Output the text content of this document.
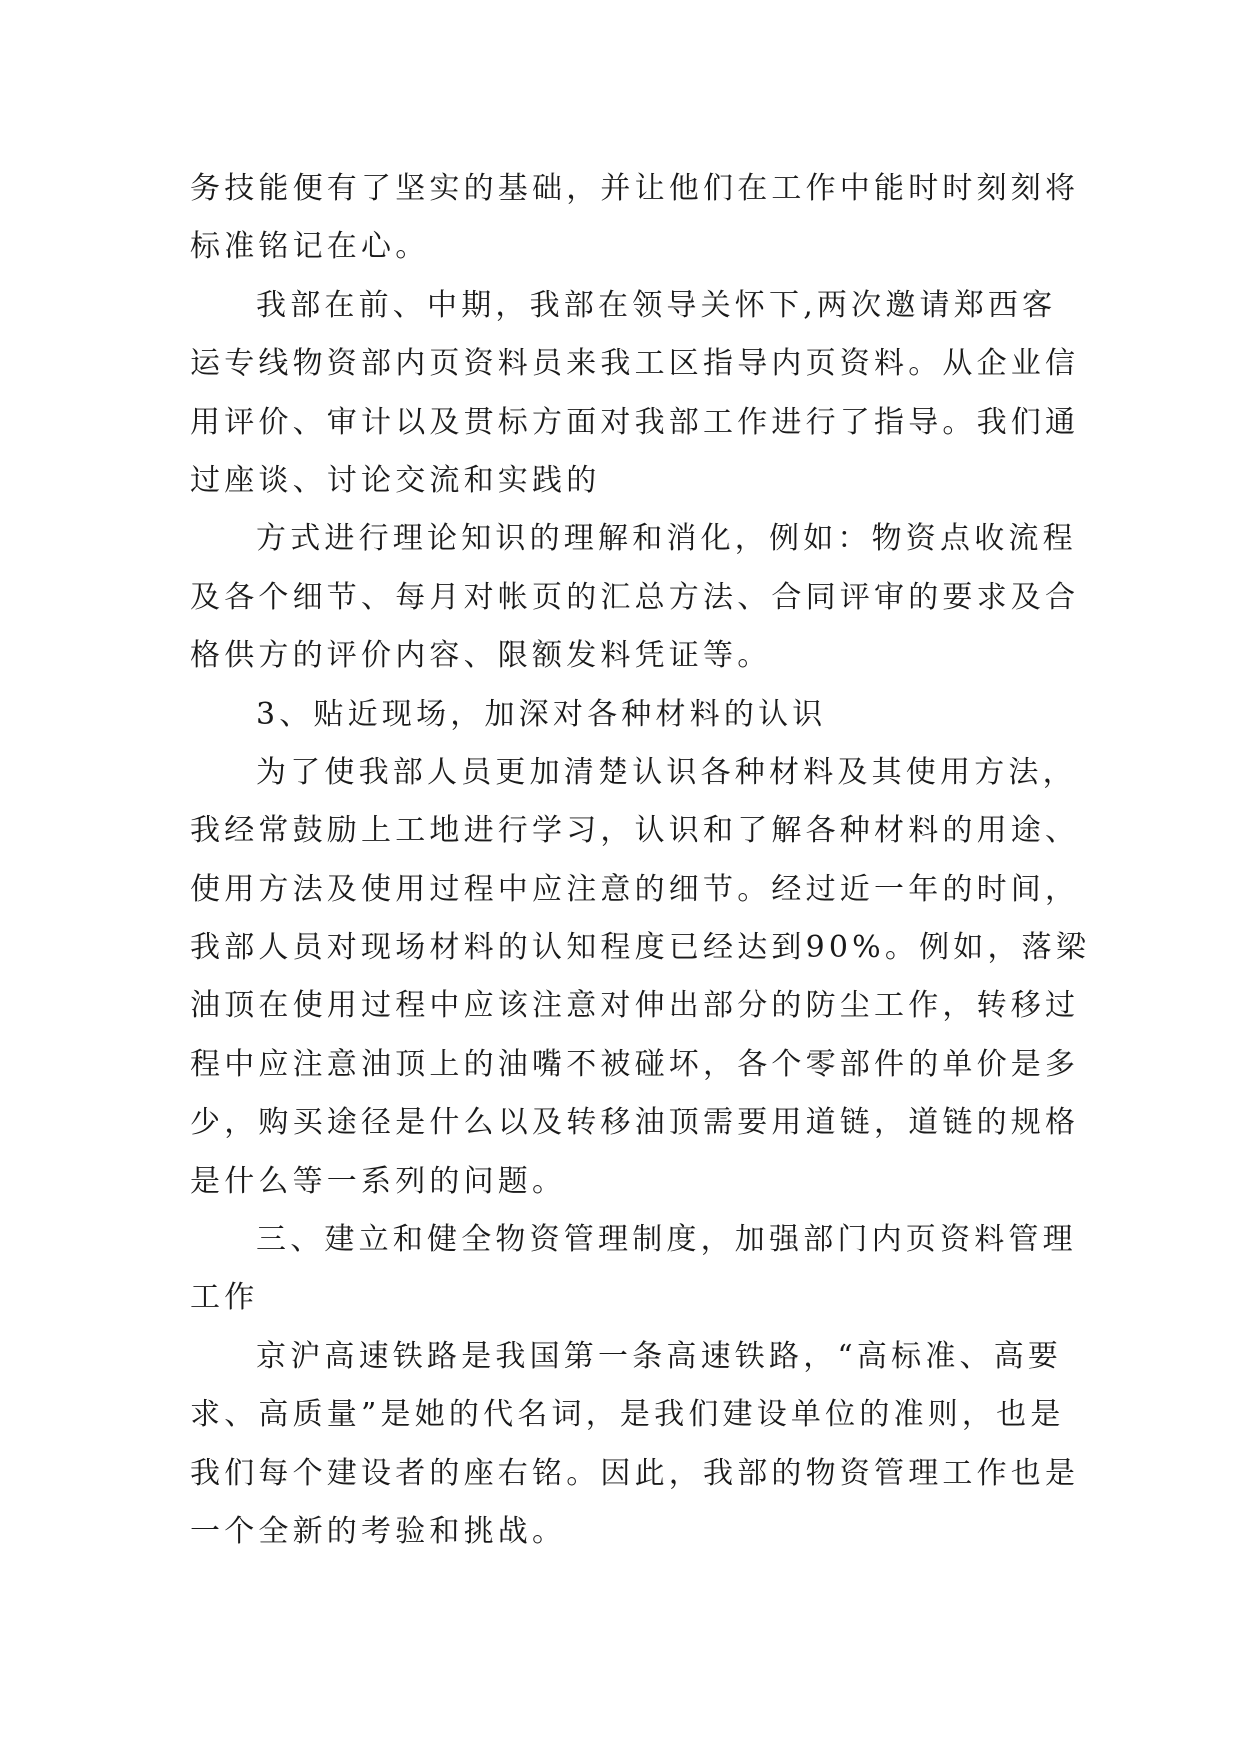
务技能便有了坚实的基础，并让他们在工作中能时时刻刻将
标准铭记在心。
我部在前、中期，我部在领导关怀下,两次邀请郑西客
运专线物资部内页资料员来我工区指导内页资料。从企业信
用评价、审计以及贯标方面对我部工作进行了指导。我们通
过座谈、讨论交流和实践的
方式进行理论知识的理解和消化，例如：物资点收流程
及各个细节、每月对帐页的汇总方法、合同评审的要求及合
格供方的评价内容、限额发料凭证等。
3、贴近现场，加深对各种材料的认识
为了使我部人员更加清楚认识各种材料及其使用方法，
我经常鼓励上工地进行学习，认识和了解各种材料的用途、
使用方法及使用过程中应注意的细节。经过近一年的时间，
我部人员对现场材料的认知程度已经达到90%。例如，落梁
油顶在使用过程中应该注意对伸出部分的防尘工作，转移过
程中应注意油顶上的油嘴不被碰坏，各个零部件的单价是多
少，购买途径是什么以及转移油顶需要用道链，道链的规格
是什么等一系列的问题。
三、建立和健全物资管理制度，加强部门内页资料管理
工作
京沪高速铁路是我国第一条高速铁路，“高标准、高要
求、高质量”是她的代名词，是我们建设单位的准则，也是
我们每个建设者的座右铭。因此，我部的物资管理工作也是
一个全新的考验和挑战。
